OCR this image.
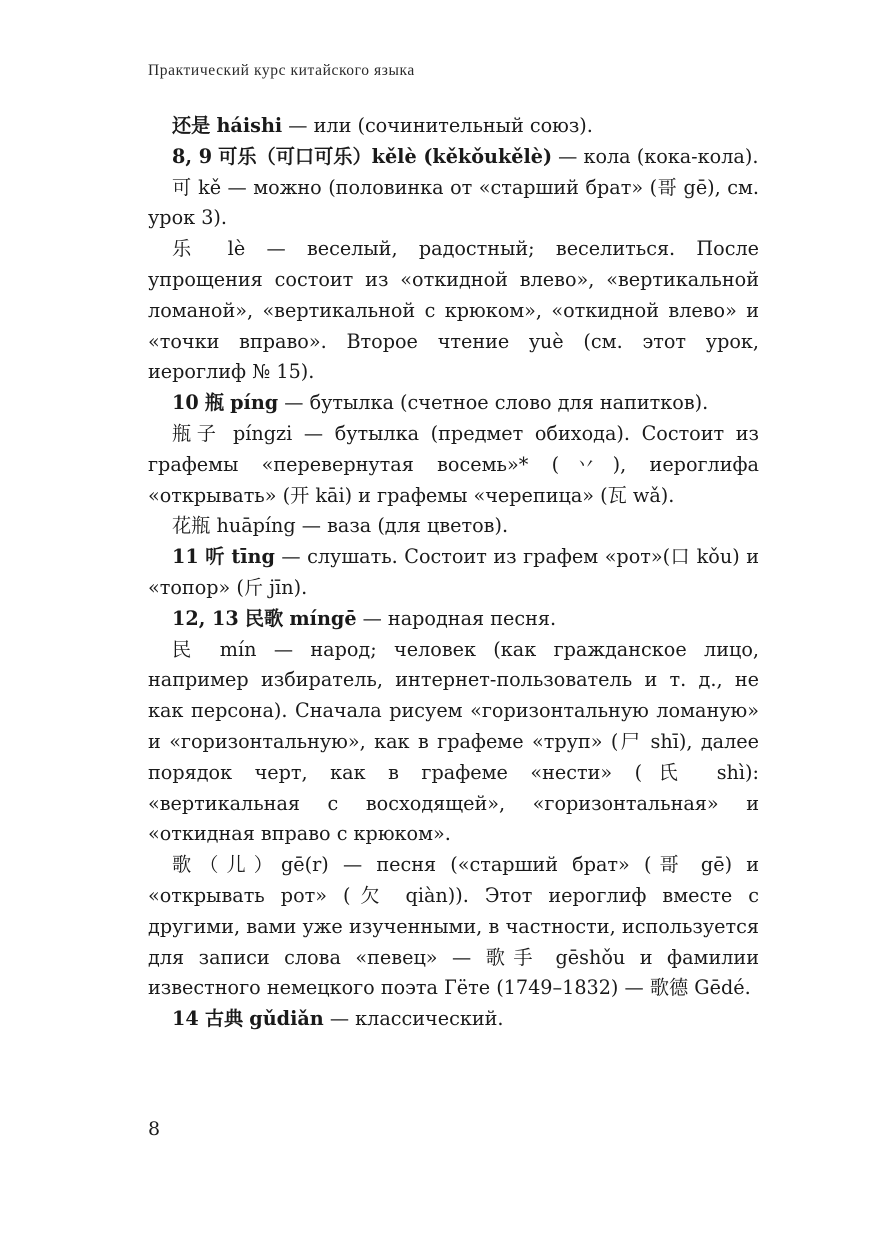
Практический курс китайского языка

还是 háishi — или (сочинительный союз).

8, 9 可乐（可口可乐）kělè (kěkǒukělè) — кола (кока-кола).

可 kě — можно (половинка от «старший брат» (哥 gē), см. урок 3).

乐 lè — веселый, радостный; веселиться. После упрощения состоит из «откидной влево», «вертикальной ломаной», «вертикальной с крюком», «откидной влево» и «точки вправо». Второе чтение yuè (см. этот урок, иероглиф № 15).

10 瓶 píng — бутылка (счетное слово для напитков).

瓶子 píngzi — бутылка (предмет обихода). Состоит из графемы «перевернутая восемь»* (丷), иероглифа «открывать» (开 kāi) и графемы «черепица» (瓦 wǎ).

花瓶 huāpíng — ваза (для цветов).

11 听 tīng — слушать. Состоит из графем «рот»(口 kǒu) и «топор» (斤 jīn).

12, 13 民歌 míngē — народная песня.

民 mín — народ; человек (как гражданское лицо, например избиратель, интернет-пользователь и т. д., не как персона). Сначала рисуем «горизонтальную ломаную» и «горизонтальную», как в графеме «труп» (尸 shī), далее порядок черт, как в графеме «нести» (氏 shì): «вертикальная с восходящей», «горизонтальная» и «откидная вправо с крюком».

歌（儿）gē(r) — песня («старший брат» (哥 gē) и «открывать рот» (欠 qiàn)). Этот иероглиф вместе с другими, вами уже изученными, в частности, используется для записи слова «певец» — 歌手 gēshǒu и фамилии известного немецкого поэта Гёте (1749–1832) — 歌德 Gēdé.

14 古典 gǔdiǎn — классический.

8
